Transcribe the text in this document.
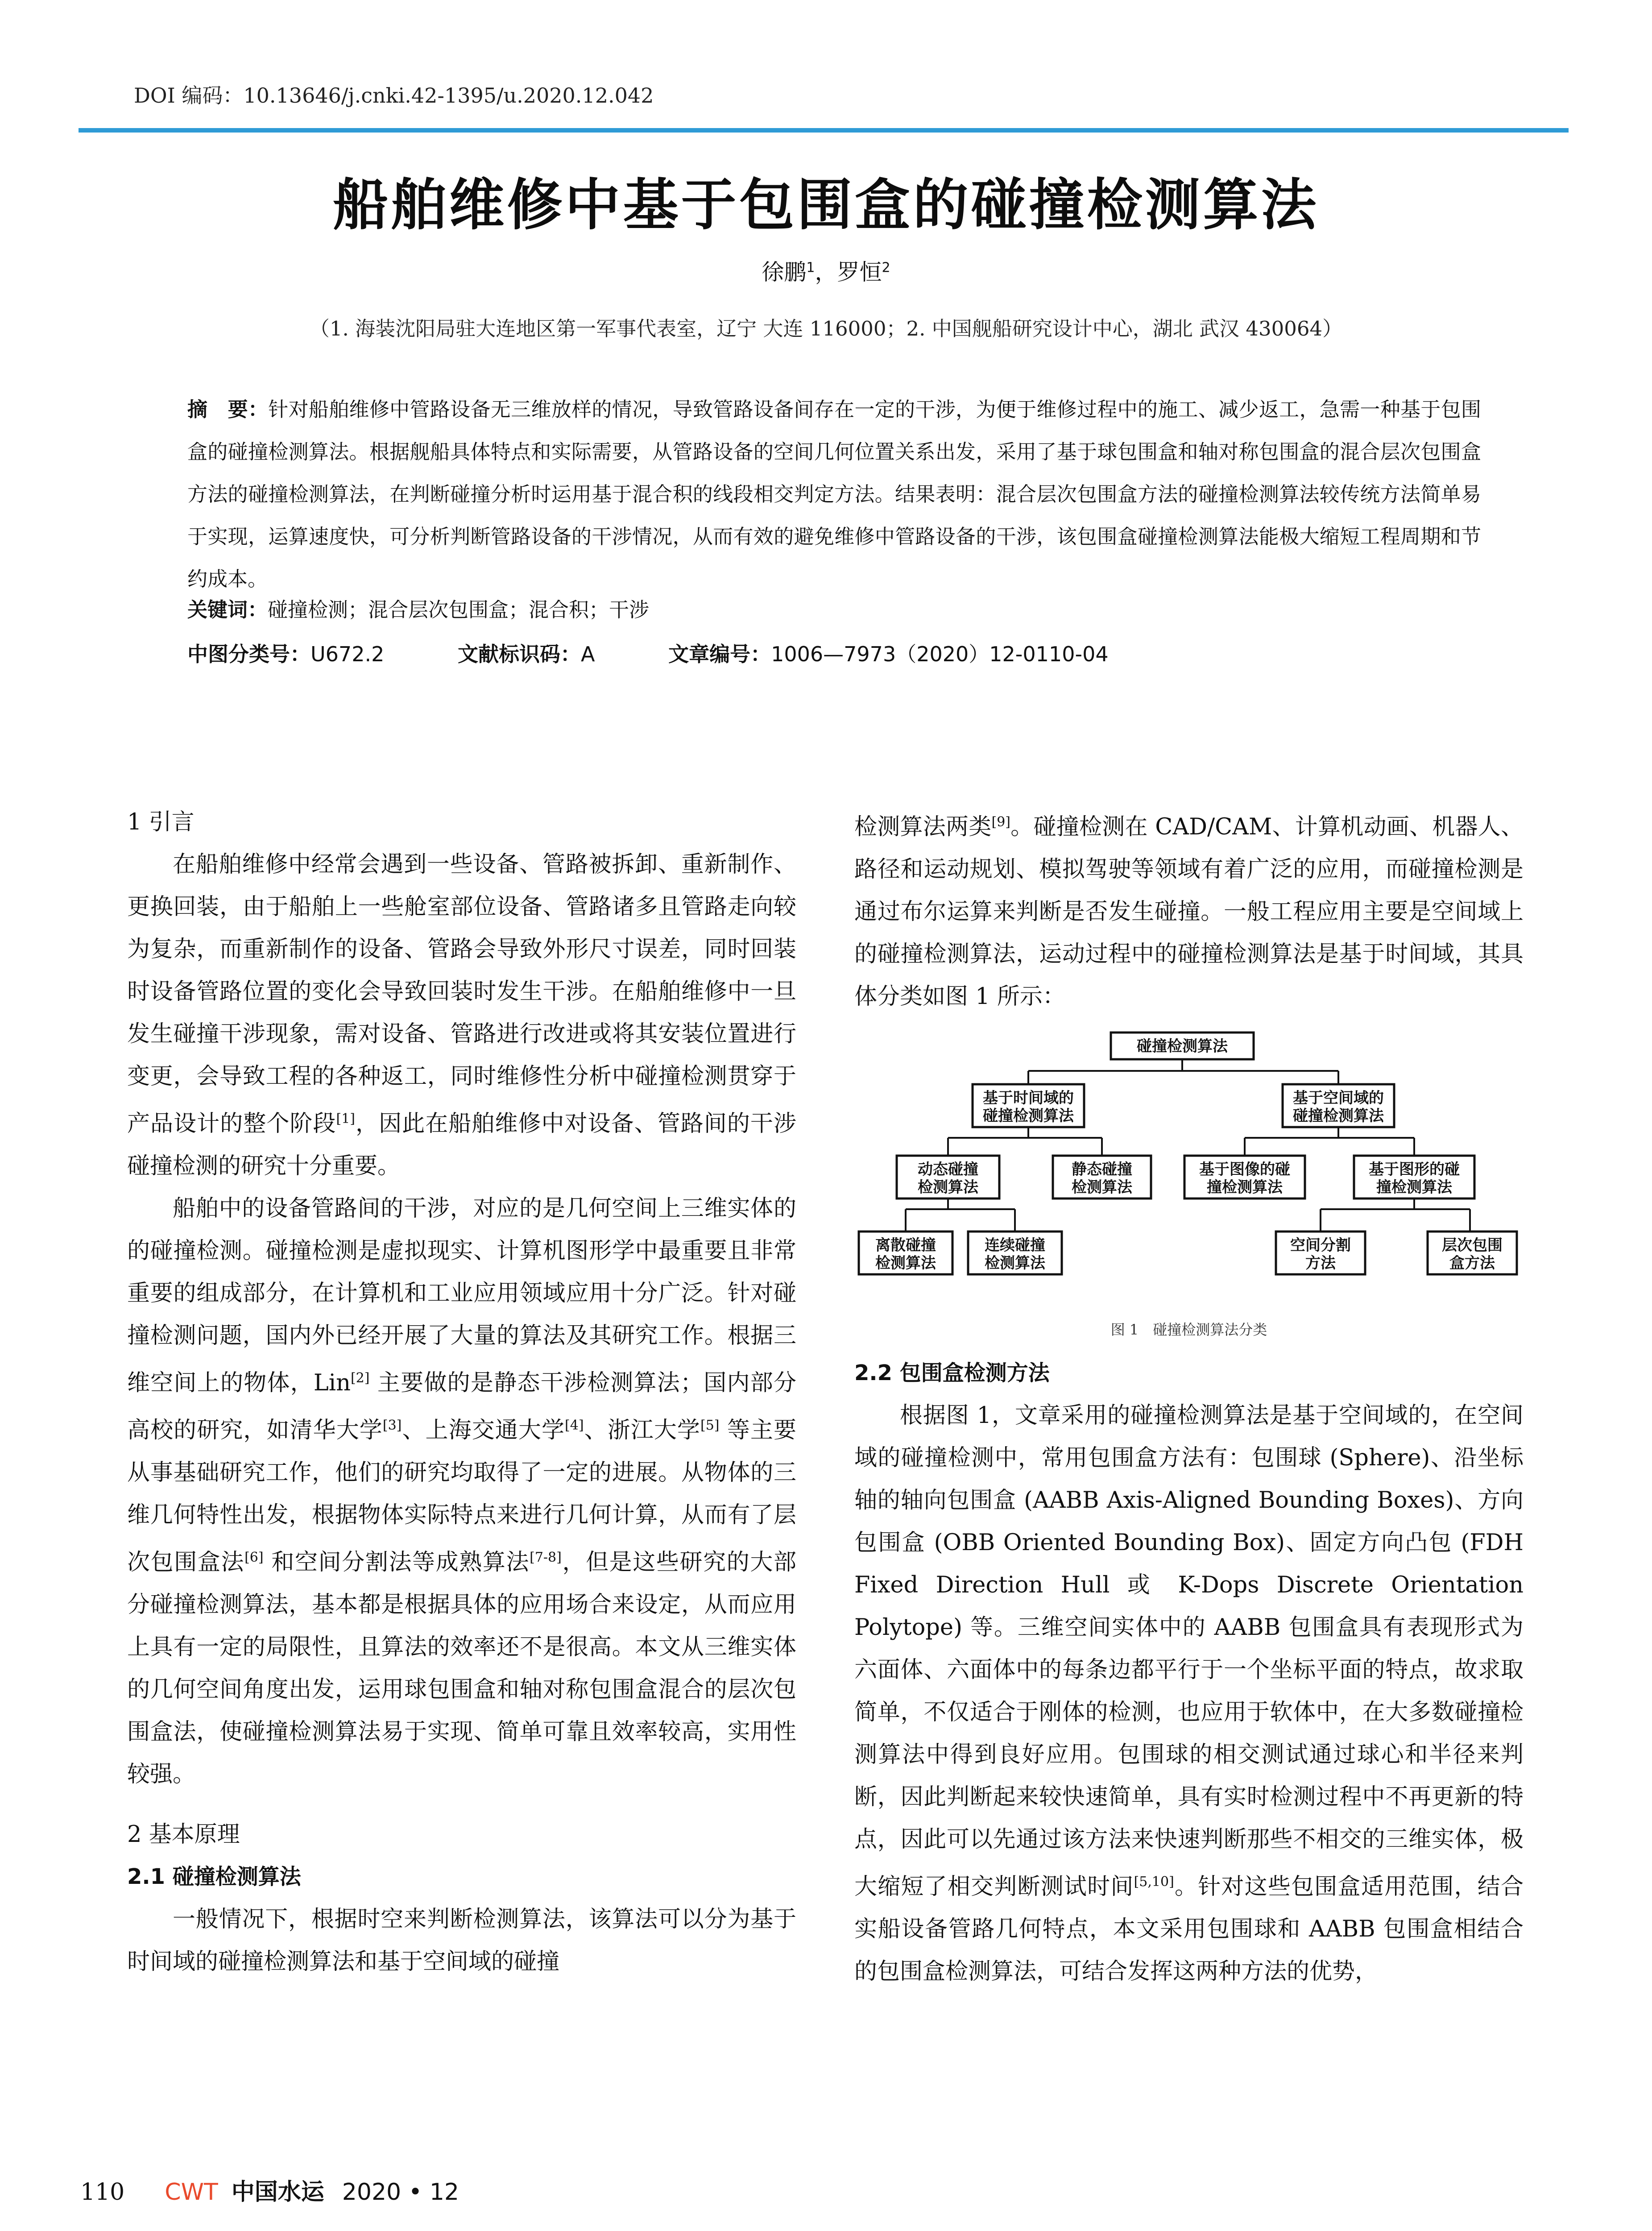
DOI 编码：10.13646/j.cnki.42-1395/u.2020.12.042
船舶维修中基于包围盒的碰撞检测算法
徐鹏$^1$，罗恒$^2$
（1. 海装沈阳局驻大连地区第一军事代表室，辽宁 大连 116000；2. 中国舰船研究设计中心，湖北 武汉 430064）
摘　要：针对船舶维修中管路设备无三维放样的情况，导致管路设备间存在一定的干涉，为便于维修过程中的施工、减少返工，急需一种基于包围盒的碰撞检测算法。根据舰船具体特点和实际需要，从管路设备的空间几何位置关系出发，采用了基于球包围盒和轴对称包围盒的混合层次包围盒方法的碰撞检测算法，在判断碰撞分析时运用基于混合积的线段相交判定方法。结果表明：混合层次包围盒方法的碰撞检测算法较传统方法简单易于实现，运算速度快，可分析判断管路设备的干涉情况，从而有效的避免维修中管路设备的干涉，该包围盒碰撞检测算法能极大缩短工程周期和节约成本。
关键词：碰撞检测；混合层次包围盒；混合积；干涉
中图分类号：U672.2	文献标识码：A	文章编号：1006—7973（2020）12-0110-04
1 引言

在船舶维修中经常会遇到一些设备、管路被拆卸、重新制作、更换回装，由于船舶上一些舱室部位设备、管路诸多且管路走向较为复杂，而重新制作的设备、管路会导致外形尺寸误差，同时回装时设备管路位置的变化会导致回装时发生干涉。在船舶维修中一旦发生碰撞干涉现象，需对设备、管路进行改进或将其安装位置进行变更，会导致工程的各种返工，同时维修性分析中碰撞检测贯穿于产品设计的整个阶段[1]，因此在船舶维修中对设备、管路间的干涉碰撞检测的研究十分重要。

船舶中的设备管路间的干涉，对应的是几何空间上三维实体的的碰撞检测。碰撞检测是虚拟现实、计算机图形学中最重要且非常重要的组成部分，在计算机和工业应用领域应用十分广泛。针对碰撞检测问题，国内外已经开展了大量的算法及其研究工作。根据三维空间上的物体，Lin[2] 主要做的是静态干涉检测算法；国内部分高校的研究，如清华大学[3]、上海交通大学[4]、浙江大学[5] 等主要从事基础研究工作，他们的研究均取得了一定的进展。从物体的三维几何特性出发，根据物体实际特点来进行几何计算，从而有了层次包围盒法[6] 和空间分割法等成熟算法[7-8]，但是这些研究的大部分碰撞检测算法，基本都是根据具体的应用场合来设定，从而应用上具有一定的局限性，且算法的效率还不是很高。本文从三维实体的几何空间角度出发，运用球包围盒和轴对称包围盒混合的层次包围盒法，使碰撞检测算法易于实现、简单可靠且效率较高，实用性较强。

2 基本原理
2.1 碰撞检测算法

一般情况下，根据时空来判断检测算法，该算法可以分为基于时间域的碰撞检测算法和基于空间域的碰撞

检测算法两类[9]。碰撞检测在 CAD/CAM、计算机动画、机器人、路径和运动规划、模拟驾驶等领域有着广泛的应用，而碰撞检测是通过布尔运算来判断是否发生碰撞。一般工程应用主要是空间域上的碰撞检测算法，运动过程中的碰撞检测算法是基于时间域，其具体分类如图 1 所示：

碰撞检测算法
基于时间域的
碰撞检测算法
基于空间域的
碰撞检测算法
动态碰撞
检测算法
静态碰撞
检测算法
基于图像的碰
撞检测算法
基于图形的碰
撞检测算法
离散碰撞
检测算法
连续碰撞
检测算法
空间分割
方法
层次包围
盒方法
图 1　碰撞检测算法分类
2.2 包围盒检测方法

根据图 1，文章采用的碰撞检测算法是基于空间域的，在空间域的碰撞检测中，常用包围盒方法有：包围球 (Sphere)、沿坐标轴的轴向包围盒 (AABB Axis-Aligned Bounding Boxes)、方向包围盒 (OBB Oriented Bounding Box)、固定方向凸包 (FDH Fixed Direction Hull 或 K-Dops Discrete Orientation Polytope) 等。三维空间实体中的 AABB 包围盒具有表现形式为六面体、六面体中的每条边都平行于一个坐标平面的特点，故求取简单，不仅适合于刚体的检测，也应用于软体中，在大多数碰撞检测算法中得到良好应用。包围球的相交测试通过球心和半径来判断，因此判断起来较快速简单，具有实时检测过程中不再更新的特点，因此可以先通过该方法来快速判断那些不相交的三维实体，极大缩短了相交判断测试时间[5,10]。针对这些包围盒适用范围，结合实船设备管路几何特点，本文采用包围球和 AABB 包围盒相结合的包围盒检测算法，可结合发挥这两种方法的优势，

110 CWT 中国水运 2020 • 12
